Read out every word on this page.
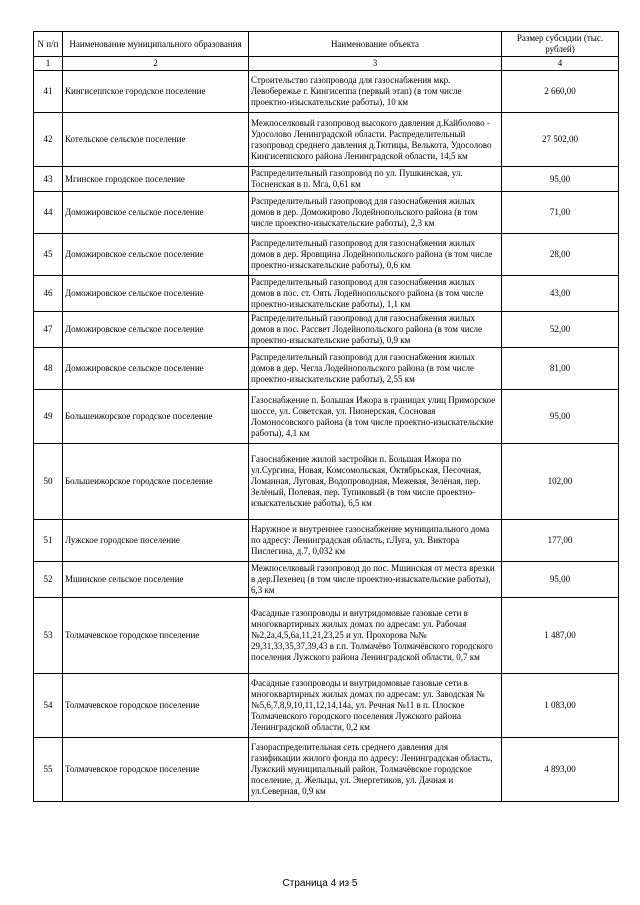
N п/п	Наименование муниципального образования	Наименование объекта	Размер субсидии (тыс. рублей)
1	2	3	4
41	Кингисеппское городское поселение	Строительство газопровода для газоснабжения мкр. Левобережье г. Кингисеппа (первый этап) (в том числе проектно-изыскательские работы), 10 км	2 660,00
42	Котельское сельское поселение	Межпоселковый газопровод высокого давления д.Кайболово - Удосолово Ленинградской области. Распределительный газопровод среднего давления д.Тютицы, Велькота, Удосолово Кингисеппского района Ленинградской области, 14,5 км	27 502,00
43	Мгинское городское поселение	Распределительный газопровод по ул. Пушкинская, ул. Тосненская в п. Мга, 0,61 км	95,00
44	Доможировское сельское поселение	Распределительный газопровод для газоснабжения жилых домов в дер. Доможирово Лодейнопольского района (в том числе проектно-изыскательские работы), 2,3 км	71,00
45	Доможировское сельское поселение	Распределительный газопровод для газоснабжения жилых домов в дер. Яровщина Лодейнопольского района (в том числе проектно-изыскательские работы), 0,6 км	28,00
46	Доможировское сельское поселение	Распределительный газопровод для газоснабжения жилых домов в пос. ст. Оять Лодейнопольского района (в том числе проектно-изыскательские работы), 1,1 км	43,00
47	Доможировское сельское поселение	Распределительный газопровод для газоснабжения жилых домов в пос. Рассвет Лодейнопольского района (в том числе проектно-изыскательские работы), 0,9 км	52,00
48	Доможировское сельское поселение	Распределительный газопровод для газоснабжения жилых домов в дер. Чегла Лодейнопольского района (в том числе проектно-изыскательские работы), 2,55 км	81,00
49	Большеижорское городское поселение	Газоснабжение п. Большая Ижора в границах улиц Приморское шоссе, ул. Советская, ул. Пионерская, Сосновая Ломоносовского района (в том числе проектно-изыскательские работы), 4,1 км	95,00
50	Большеижорское городское поселение	Газоснабжение жилой застройки п. Большая Ижора по ул.Сургина, Новая, Комсомольская, Октябрьская, Песочная, Ломанная, Луговая, Водопроводная, Межевая, Зелёная, пер. Зелёный, Полевая, пер. Тупиковый (в том числе проектно-изыскательские работы), 6,5 км	102,00
51	Лужское городское поселение	Наружное и внутреннее газоснабжение муниципального дома по адресу: Ленинградская область, г.Луга, ул. Виктора Пислегина, д.7, 0,032 км	177,00
52	Мшинское сельское поселение	Межпоселковый газопровод до пос. Мшинская от места врезки в дер.Пехенец (в том числе проектно-изыскательские работы), 6,3 км	95,00
53	Толмачевское городское поселение	Фасадные газопроводы и внутридомовые газовые сети в многоквартирных жилых домах по адресам: ул. Рабочая №2,2а,4,5,6а,11,21,23,25 и ул. Прохорова №№ 29,31,33,35,37,39,43 в г.п. Толмачёво Толмачёвского городского поселения Лужского района Ленинградской области, 0,7 км	1 487,00
54	Толмачевское городское поселение	Фасадные газопроводы и внутридомовые газовые сети в многоквартирных жилых домах по адресам: ул. Заводская №№5,6,7,8,9,10,11,12,14,14а, ул. Речная №11 в п. Плоское Толмачевского городского поселения Лужского района Ленинградской области, 0,2 км	1 083,00
55	Толмачевское городское поселение	Газораспределительная сеть среднего давления для газификации жилого фонда по адресу: Ленинградская область, Лужский муниципальный район, Толмачёвское городское поселение, д. Жельцы, ул. Энергетиков, ул. Дачная и ул.Северная, 0,9 км	4 893,00
Страница 4 из 5
